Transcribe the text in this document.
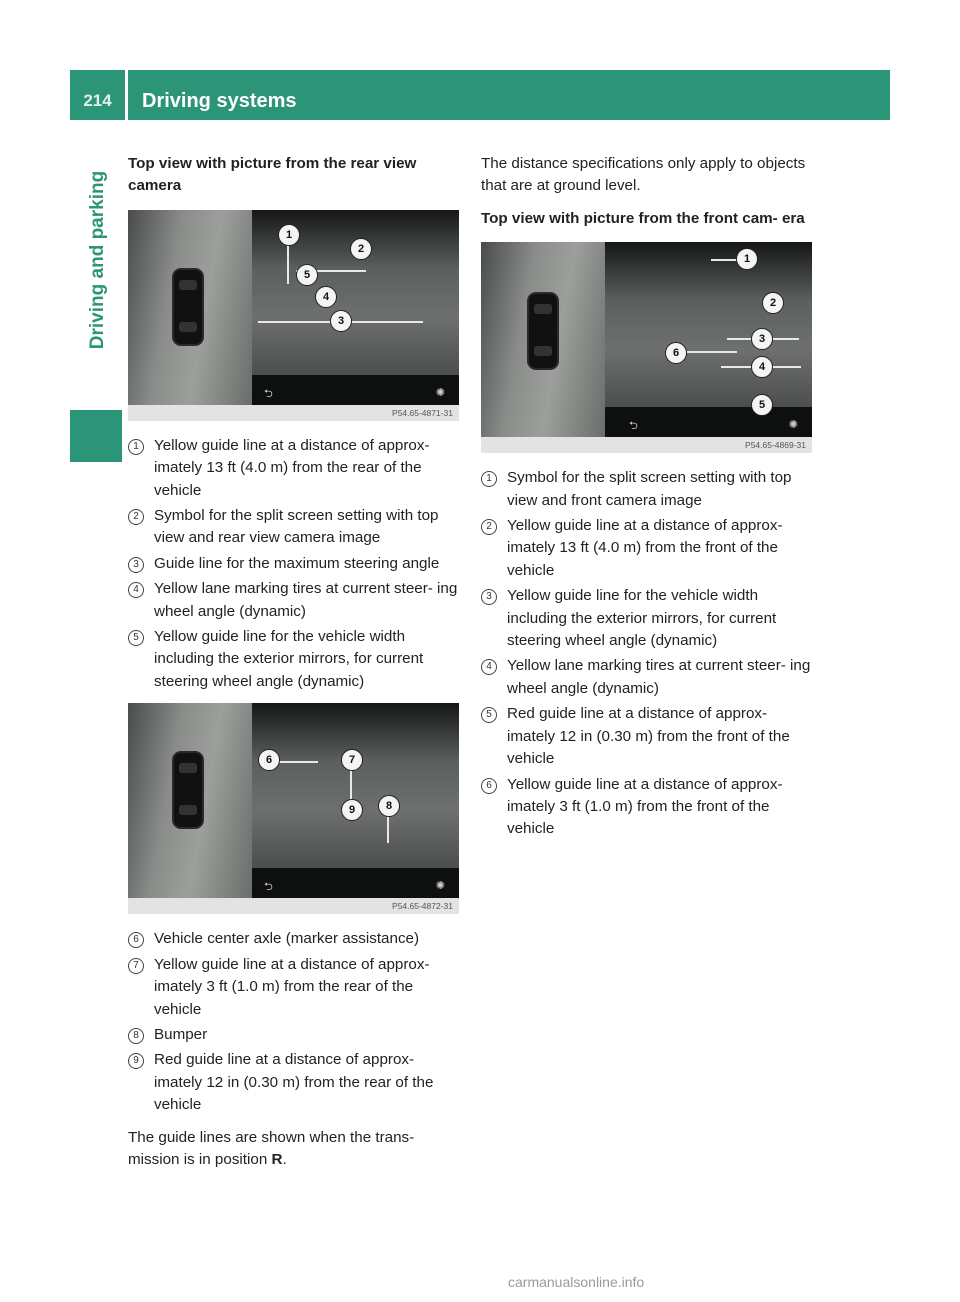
214	Driving systems
Driving and parking
Top view with picture from the rear view camera
⮌	✺
1
2
5
4
3
P54.65-4871-31
1	Yellow guide line at a distance of approx- imately 13 ft (4.0 m) from the rear of the vehicle
2	Symbol for the split screen setting with top view and rear view camera image
3	Guide line for the maximum steering angle
4	Yellow lane marking tires at current steer- ing wheel angle (dynamic)
5	Yellow guide line for the vehicle width including the exterior mirrors, for current steering wheel angle (dynamic)
⮌	✺
6	7
9	8
P54.65-4872-31
6	Vehicle center axle (marker assistance)
7	Yellow guide line at a distance of approx- imately 3 ft (1.0 m) from the rear of the vehicle
8	Bumper
9	Red guide line at a distance of approx- imately 12 in (0.30 m) from the rear of the vehicle

The guide lines are shown when the trans- mission is in position R.

The distance specifications only apply to objects that are at ground level.

Top view with picture from the front cam- era
⮌	✺
1
2
3
6
4
5
P54.65-4869-31
1	Symbol for the split screen setting with top view and front camera image
2	Yellow guide line at a distance of approx- imately 13 ft (4.0 m) from the front of the vehicle
3	Yellow guide line for the vehicle width including the exterior mirrors, for current steering wheel angle (dynamic)
4	Yellow lane marking tires at current steer- ing wheel angle (dynamic)
5	Red guide line at a distance of approx- imately 12 in (0.30 m) from the front of the vehicle
6	Yellow guide line at a distance of approx- imately 3 ft (1.0 m) from the front of the vehicle
carmanualsonline.info
